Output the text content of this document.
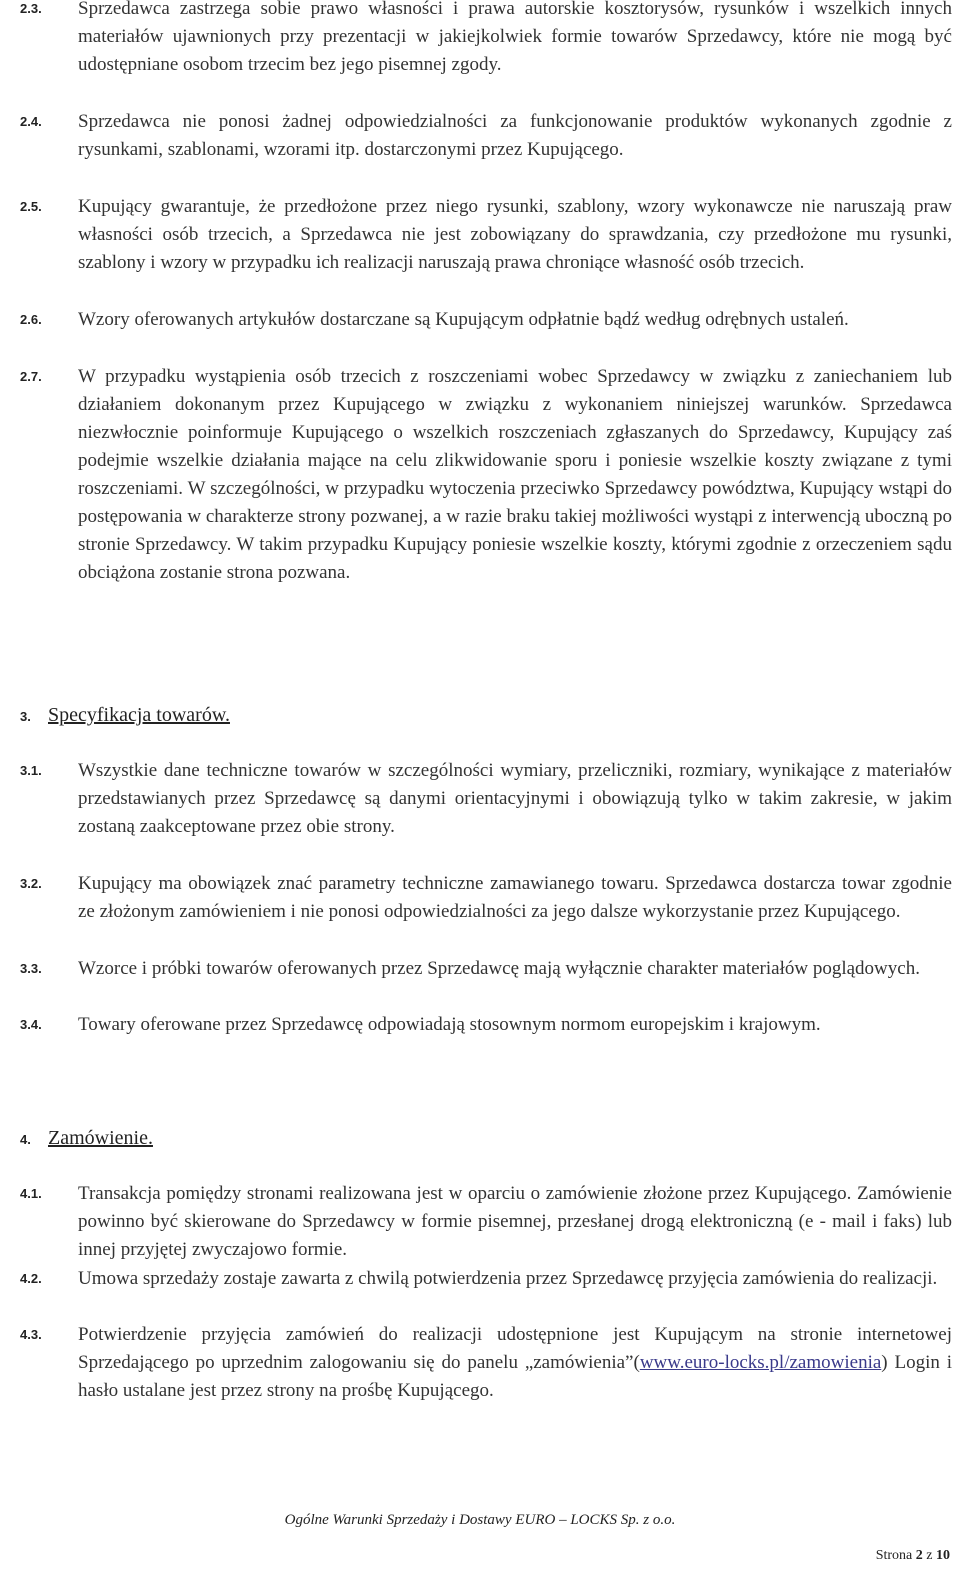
2.3.	Sprzedawca zastrzega sobie prawo własności i prawa autorskie kosztorysów, rysunków i wszelkich innych materiałów ujawnionych przy prezentacji w jakiejkolwiek formie towarów Sprzedawcy, które nie mogą być udostępniane osobom trzecim bez jego pisemnej zgody.
2.4.	Sprzedawca nie ponosi żadnej odpowiedzialności za funkcjonowanie produktów wykonanych zgodnie z rysunkami, szablonami, wzorami itp. dostarczonymi przez Kupującego.
2.5.	Kupujący gwarantuje, że przedłożone przez niego rysunki, szablony, wzory wykonawcze nie naruszają praw własności osób trzecich, a Sprzedawca nie jest zobowiązany do sprawdzania, czy przedłożone mu rysunki, szablony i wzory w przypadku ich realizacji naruszają prawa chroniące własność osób trzecich.
2.6.	Wzory oferowanych artykułów dostarczane są Kupującym odpłatnie bądź według odrębnych ustaleń.
2.7.	W przypadku wystąpienia osób trzecich z roszczeniami wobec Sprzedawcy w związku z zaniechaniem lub działaniem dokonanym przez Kupującego w związku z wykonaniem niniejszej warunków. Sprzedawca niezwłocznie poinformuje Kupującego o wszelkich roszczeniach zgłaszanych do Sprzedawcy, Kupujący zaś podejmie wszelkie działania mające na celu zlikwidowanie sporu i poniesie wszelkie koszty związane z tymi roszczeniami. W szczególności, w przypadku wytoczenia przeciwko Sprzedawcy powództwa, Kupujący wstąpi do postępowania w charakterze strony pozwanej, a w razie braku takiej możliwości wystąpi z interwencją uboczną po stronie Sprzedawcy. W takim przypadku Kupujący poniesie wszelkie koszty, którymi zgodnie z orzeczeniem sądu obciążona zostanie strona pozwana.
3. Specyfikacja towarów.
3.1.	Wszystkie dane techniczne towarów w szczególności wymiary, przeliczniki, rozmiary, wynikające z materiałów przedstawianych przez Sprzedawcę są danymi orientacyjnymi i obowiązują tylko w takim zakresie, w jakim zostaną zaakceptowane przez obie strony.
3.2.	Kupujący ma obowiązek znać parametry techniczne zamawianego towaru. Sprzedawca dostarcza towar zgodnie ze złożonym zamówieniem i nie ponosi odpowiedzialności za jego dalsze wykorzystanie przez Kupującego.
3.3.	Wzorce i próbki towarów oferowanych przez Sprzedawcę mają wyłącznie charakter materiałów poglądowych.
3.4.	Towary oferowane przez Sprzedawcę odpowiadają stosownym normom europejskim i krajowym.
4. Zamówienie.
4.1.	Transakcja pomiędzy stronami realizowana jest w oparciu o zamówienie złożone przez Kupującego. Zamówienie powinno być skierowane do Sprzedawcy w formie pisemnej, przesłanej drogą elektroniczną (e - mail i faks) lub innej przyjętej zwyczajowo formie.
4.2.	Umowa sprzedaży zostaje zawarta z chwilą potwierdzenia przez Sprzedawcę przyjęcia zamówienia do realizacji.
4.3.	Potwierdzenie przyjęcia zamówień do realizacji udostępnione jest Kupującym na stronie internetowej Sprzedającego po uprzednim zalogowaniu się do panelu „zamówienia”(www.euro-locks.pl/zamowienia) Login i hasło ustalane jest przez strony na prośbę Kupującego.
Ogólne Warunki Sprzedaży i Dostawy EURO – LOCKS Sp. z o.o.
Strona 2 z 10
